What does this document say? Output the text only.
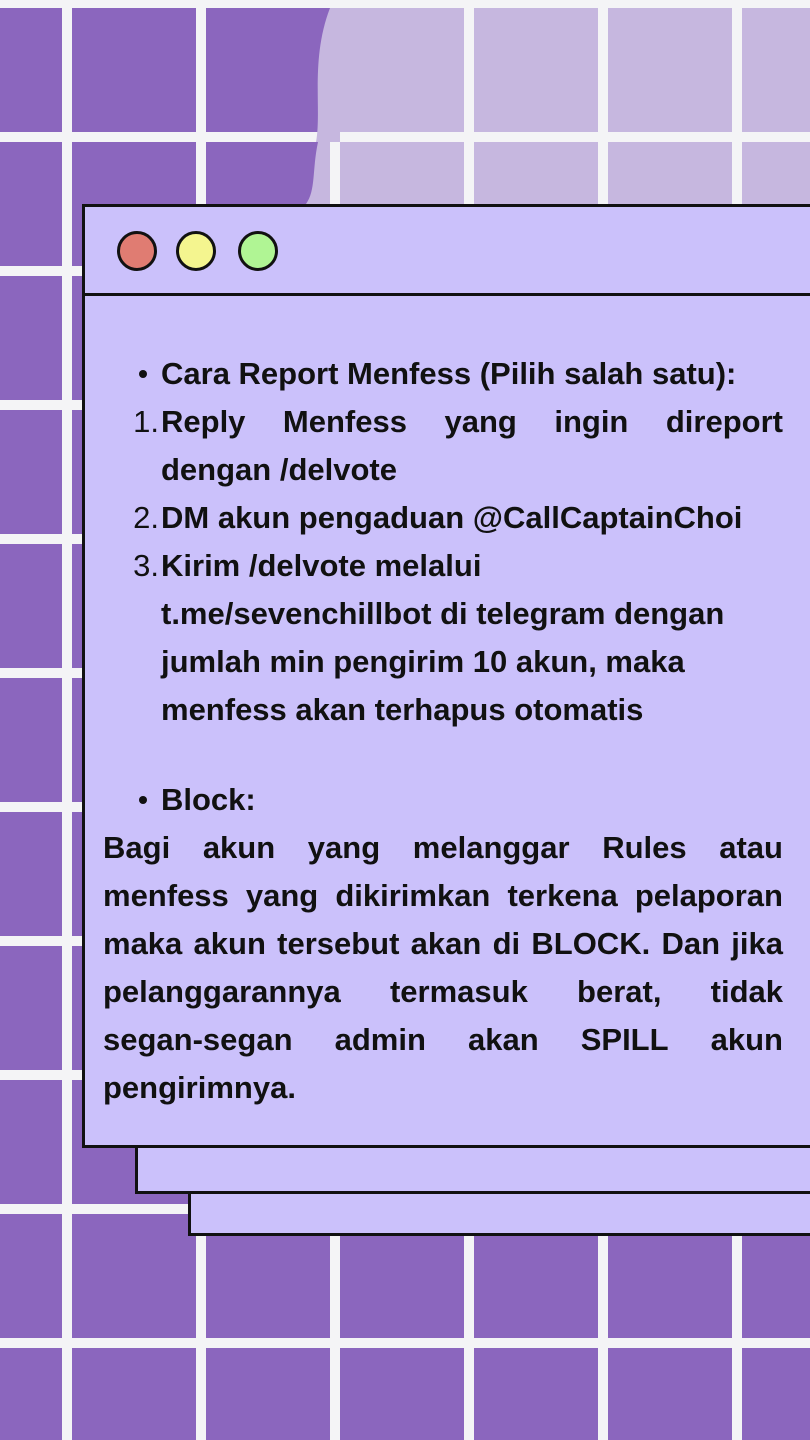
Cara Report Menfess (Pilih salah satu):
1. Reply Menfess yang ingin direport
dengan /delvote
2. DM akun pengaduan @CallCaptainChoi
3. Kirim /delvote melalui
t.me/sevenchillbot di telegram dengan
jumlah min pengirim 10 akun, maka
menfess akan terhapus otomatis
Block:
Bagi akun yang melanggar Rules atau
menfess yang dikirimkan terkena pelaporan
maka akun tersebut akan di BLOCK. Dan jika
pelanggarannya termasuk berat, tidak
segan-segan admin akan SPILL akun
pengirimnya.
